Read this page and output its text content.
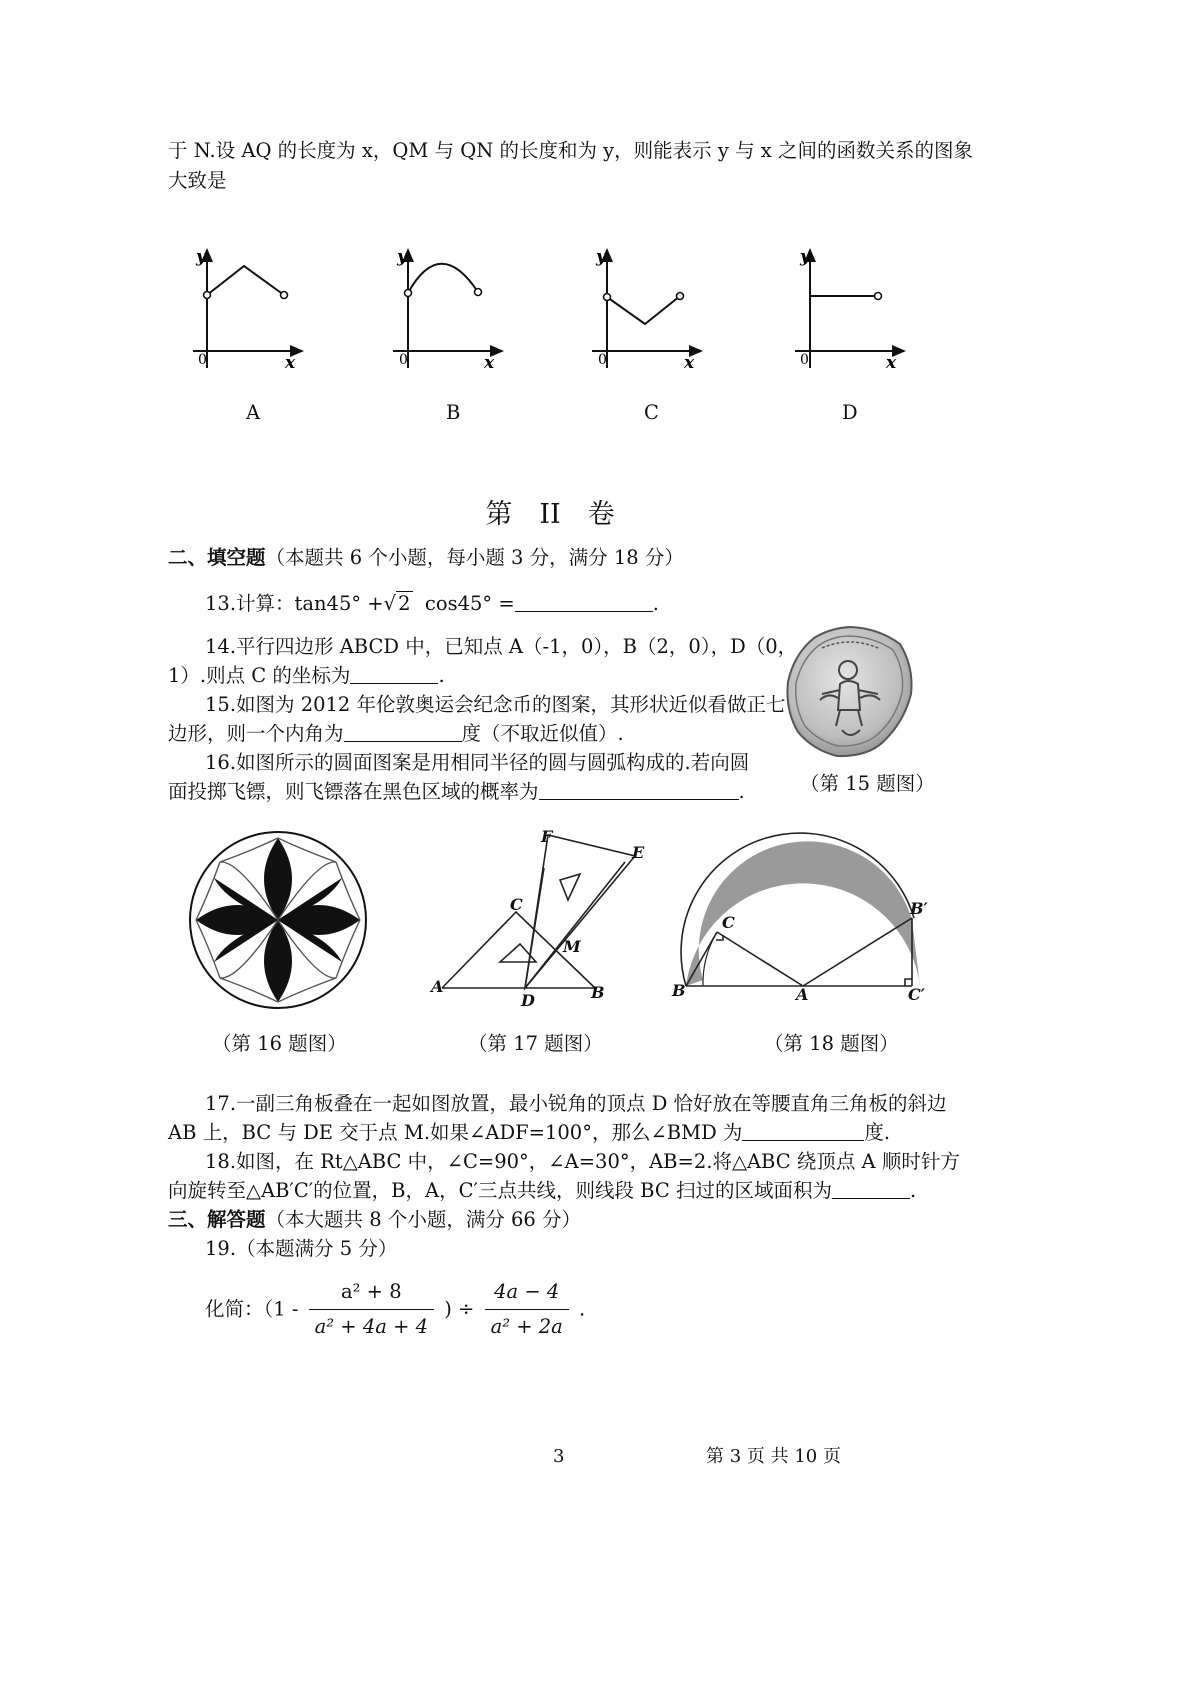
于 N.设 AQ 的长度为 x，QM 与 QN 的长度和为 y，则能表示 y 与 x 之间的函数关系的图象
大致是
y
0	x
y
0	x
y
0	x
y
0	x
A	B	C	D
第　II　卷
二、填空题（本题共 6 个小题，每小题 3 分，满分 18 分）
13.计算：tan45° +√ 2 cos45° =	.
14.平行四边形 ABCD 中，已知点 A（-1，0），B（2，0），D（0，
1）.则点 C 的坐标为	.
15.如图为 2012 年伦敦奥运会纪念币的图案，其形状近似看做正七
边形，则一个内角为	度（不取近似值）.
16.如图所示的圆面图案是用相同半径的圆与圆弧构成的.若向圆
面投掷飞镖，则飞镖落在黑色区域的概率为	.	（第 15 题图）
（第 16 题图）
F
E
C
M
A
D	B
（第 17 题图）
C
B′
B	A	C′
（第 18 题图）
17.一副三角板叠在一起如图放置，最小锐角的顶点 D 恰好放在等腰直角三角板的斜边
AB 上，BC 与 DE 交于点 M.如果∠ADF=100°，那么∠BMD 为	度.
18.如图，在 Rt△ABC 中，∠C=90°，∠A=30°，AB=2.将△ABC 绕顶点 A 顺时针方
向旋转至△AB′C′的位置，B，A，C′三点共线，则线段 BC 扫过的区域面积为	.
三、解答题（本大题共 8 个小题，满分 66 分）
19.（本题满分 5 分）
化简：（$1 - \frac{\text{a² + 8}}{\text{a² + 4a + 4}}$ ) ÷ $\frac{4a - 4}{\text{a² + 2a}}$ .
3	第 3 页 共 10 页
